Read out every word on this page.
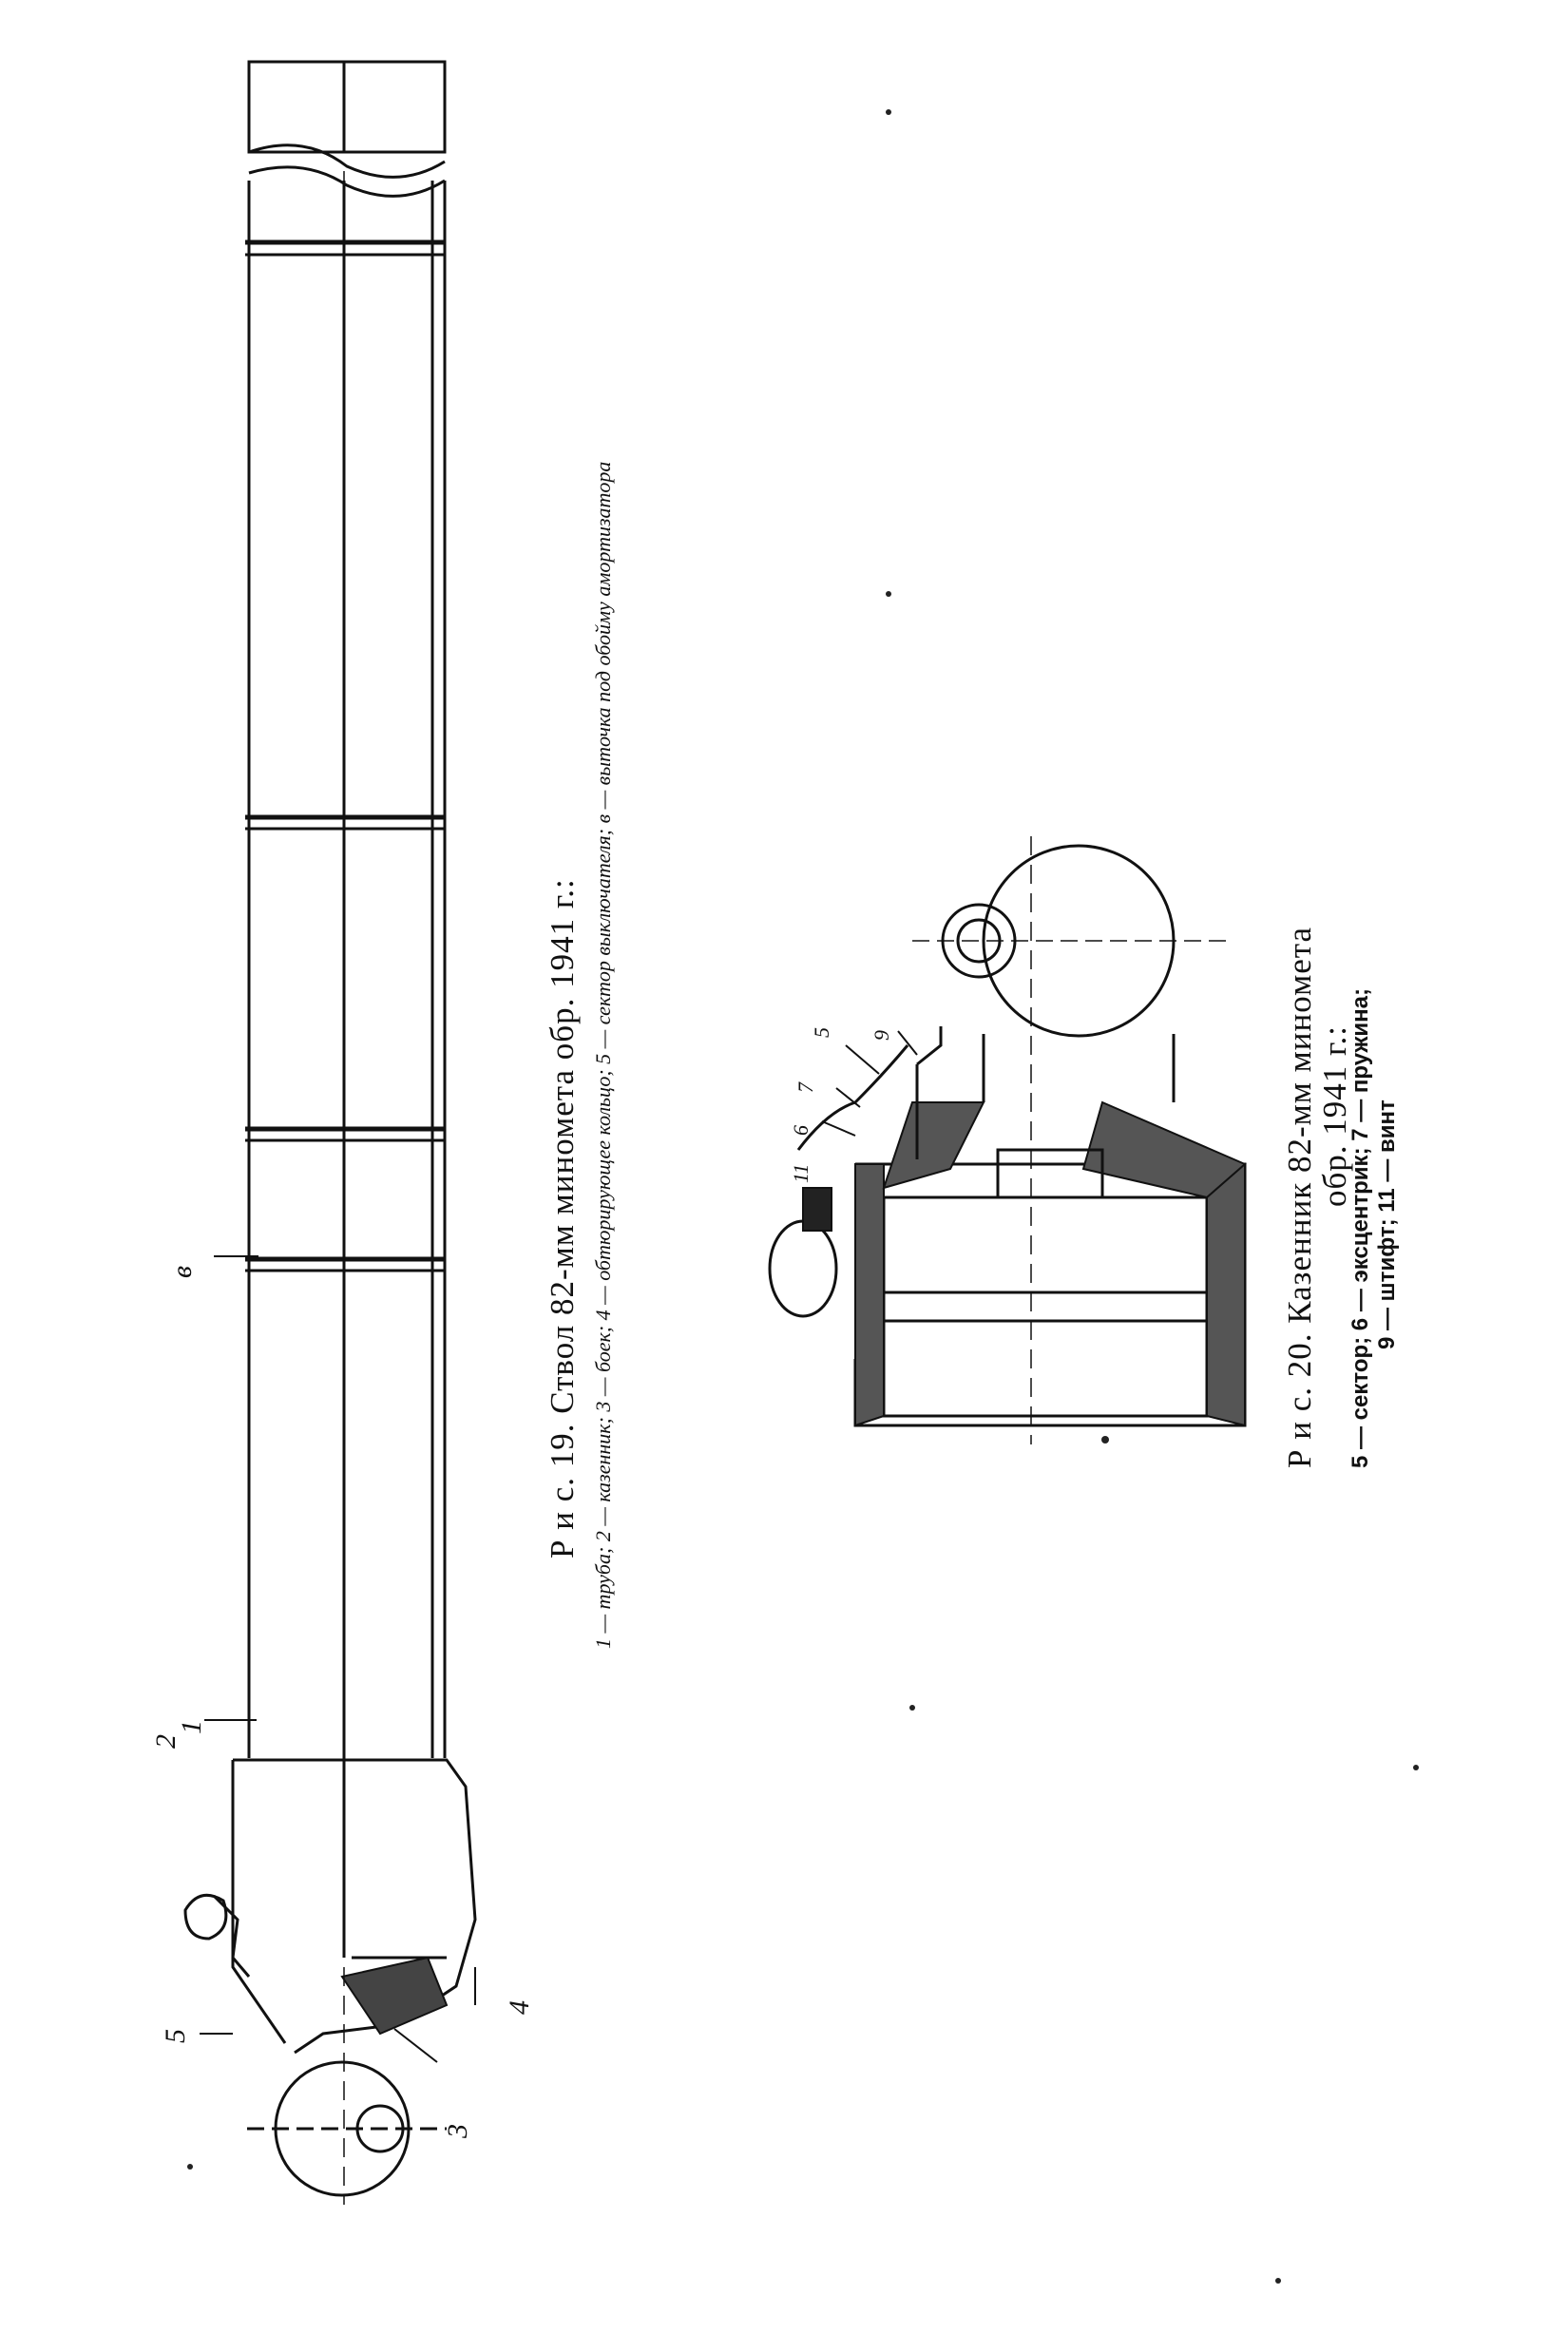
5
2
3
4
в
1
Р и с. 19. Ствол 82-мм миномета обр. 1941 г.: 1 — труба; 2 — казенник; 3 — боек; 4 — обтюрирующее кольцо; 5 — сектор выключателя; в — выточка под обойму амортизатора	11
6
7
5 9	Р и с. 20. Казенник 82-мм миномета
обр. 1941 г.:
5 — сектор; 6 — эксцентрик; 7 — пружина; 9 — штифт; 11 — винт
